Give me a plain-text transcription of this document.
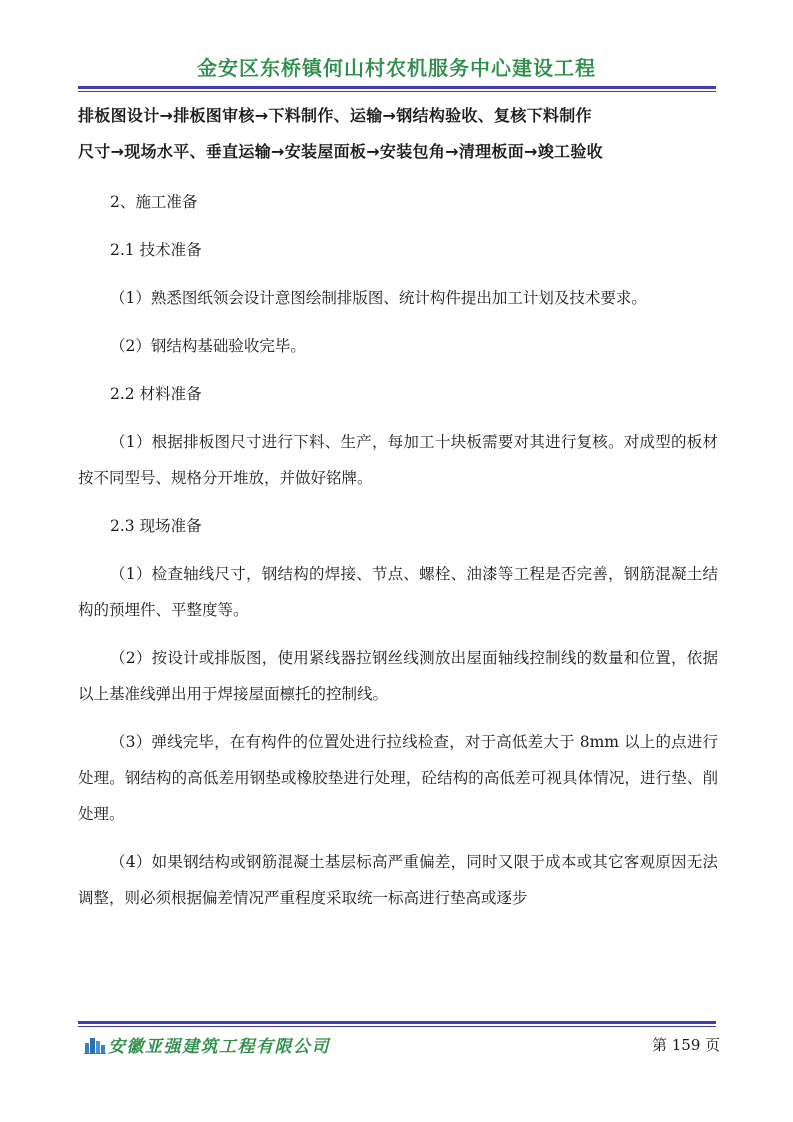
金安区东桥镇何山村农机服务中心建设工程

排板图设计→排板图审核→下料制作、运输→钢结构验收、复核下料制作
尺寸→现场水平、垂直运输→安装屋面板→安装包角→清理板面→竣工验收

2、施工准备

2.1 技术准备

（1）熟悉图纸领会设计意图绘制排版图、统计构件提出加工计划及技术要求。

（2）钢结构基础验收完毕。

2.2 材料准备

（1）根据排板图尺寸进行下料、生产，每加工十块板需要对其进行复核。对成型的板材按不同型号、规格分开堆放，并做好铭牌。

2.3 现场准备

（1）检查轴线尺寸，钢结构的焊接、节点、螺栓、油漆等工程是否完善，钢筋混凝土结构的预埋件、平整度等。

（2）按设计或排版图，使用紧线器拉钢丝线测放出屋面轴线控制线的数量和位置，依据以上基准线弹出用于焊接屋面檩托的控制线。

（3）弹线完毕，在有构件的位置处进行拉线检查，对于高低差大于 8mm 以上的点进行处理。钢结构的高低差用钢垫或橡胶垫进行处理，砼结构的高低差可视具体情况，进行垫、削处理。

（4）如果钢结构或钢筋混凝土基层标高严重偏差，同时又限于成本或其它客观原因无法调整，则必须根据偏差情况严重程度采取统一标高进行垫高或逐步

安徽亚强建筑工程有限公司	第 159 页
